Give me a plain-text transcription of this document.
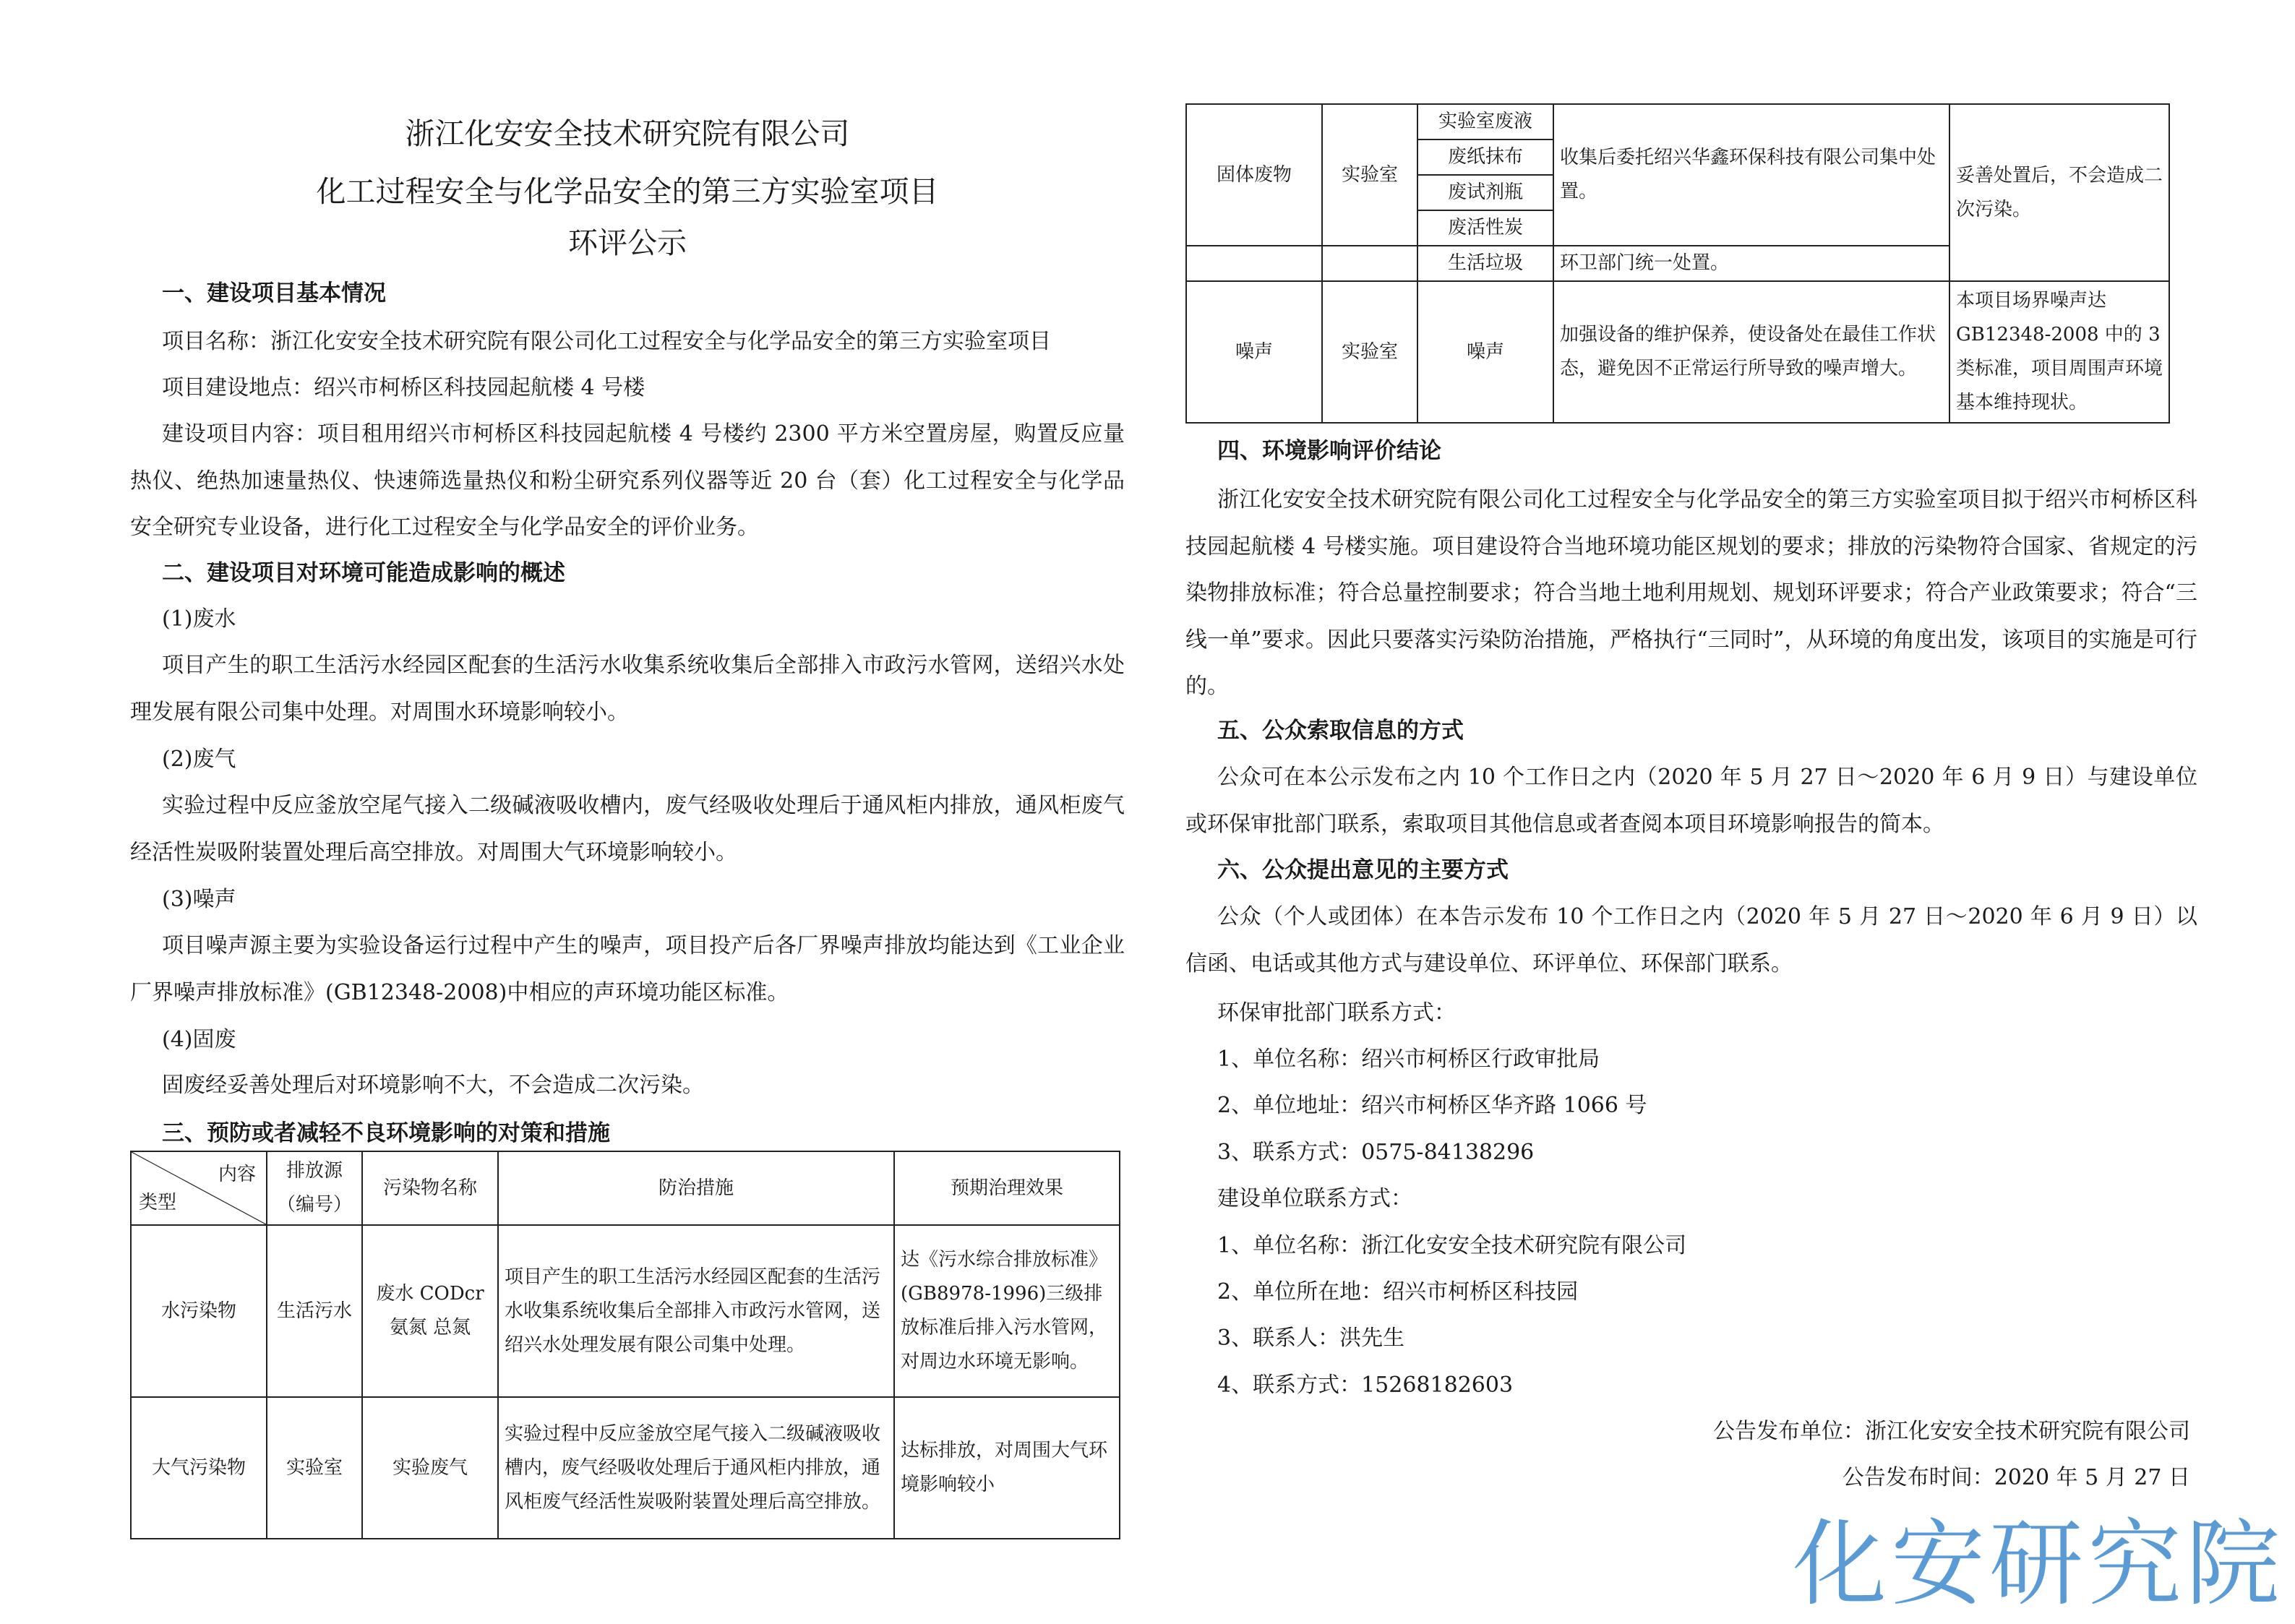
浙江化安安全技术研究院有限公司
化工过程安全与化学品安全的第三方实验室项目
环评公示
一、建设项目基本情况

项目名称：浙江化安安全技术研究院有限公司化工过程安全与化学品安全的第三方实验室项目

项目建设地点：绍兴市柯桥区科技园起航楼 4 号楼

建设项目内容：项目租用绍兴市柯桥区科技园起航楼 4 号楼约 2300 平方米空置房屋，购置反应量热仪、绝热加速量热仪、快速筛选量热仪和粉尘研究系列仪器等近 20 台（套）化工过程安全与化学品安全研究专业设备，进行化工过程安全与化学品安全的评价业务。

二、建设项目对环境可能造成影响的概述
(1)废水

项目产生的职工生活污水经园区配套的生活污水收集系统收集后全部排入市政污水管网，送绍兴水处理发展有限公司集中处理。对周围水环境影响较小。

(2)废气

实验过程中反应釜放空尾气接入二级碱液吸收槽内，废气经吸收处理后于通风柜内排放，通风柜废气经活性炭吸附装置处理后高空排放。对周围大气环境影响较小。

(3)噪声

项目噪声源主要为实验设备运行过程中产生的噪声，项目投产后各厂界噪声排放均能达到《工业企业厂界噪声排放标准》(GB12348-2008)中相应的声环境功能区标准。

(4)固废

固废经妥善处理后对环境影响不大，不会造成二次污染。

三、预防或者减轻不良环境影响的对策和措施
内容
类型	排放源（编号）	污染物名称	防治措施	预期治理效果
水污染物	生活污水	废水 CODcr 氨氮 总氮	项目产生的职工生活污水经园区配套的生活污水收集系统收集后全部排入市政污水管网，送绍兴水处理发展有限公司集中处理。	达《污水综合排放标准》(GB8978-1996)三级排放标准后排入污水管网，对周边水环境无影响。
大气污染物	实验室	实验废气	实验过程中反应釜放空尾气接入二级碱液吸收槽内，废气经吸收处理后于通风柜内排放，通风柜废气经活性炭吸附装置处理后高空排放。	达标排放，对周围大气环境影响较小
固体废物	实验室	实验室废液	收集后委托绍兴华鑫环保科技有限公司集中处置。	妥善处置后，不会造成二次污染。
		废纸抹布		
		废试剂瓶		
		废活性炭		
		生活垃圾	环卫部门统一处置。	
噪声	实验室	噪声	加强设备的维护保养，使设备处在最佳工作状态，避免因不正常运行所导致的噪声增大。	本项目场界噪声达 GB12348-2008 中的 3 类标准，项目周围声环境基本维持现状。
四、环境影响评价结论

浙江化安安全技术研究院有限公司化工过程安全与化学品安全的第三方实验室项目拟于绍兴市柯桥区科技园起航楼 4 号楼实施。项目建设符合当地环境功能区规划的要求；排放的污染物符合国家、省规定的污染物排放标准；符合总量控制要求；符合当地土地利用规划、规划环评要求；符合产业政策要求；符合“三线一单”要求。因此只要落实污染防治措施，严格执行“三同时”，从环境的角度出发，该项目的实施是可行的。

五、公众索取信息的方式

公众可在本公示发布之内 10 个工作日之内（2020 年 5 月 27 日～2020 年 6 月 9 日）与建设单位或环保审批部门联系，索取项目其他信息或者查阅本项目环境影响报告的简本。

六、公众提出意见的主要方式

公众（个人或团体）在本告示发布 10 个工作日之内（2020 年 5 月 27 日～2020 年 6 月 9 日）以信函、电话或其他方式与建设单位、环评单位、环保部门联系。

环保审批部门联系方式：
1、单位名称：绍兴市柯桥区行政审批局
2、单位地址：绍兴市柯桥区华齐路 1066 号
3、联系方式：0575-84138296
建设单位联系方式：
1、单位名称：浙江化安安全技术研究院有限公司
2、单位所在地：绍兴市柯桥区科技园
3、联系人：洪先生
4、联系方式：15268182603
公告发布单位：浙江化安安全技术研究院有限公司
公告发布时间：2020 年 5 月 27 日
化安研究院
